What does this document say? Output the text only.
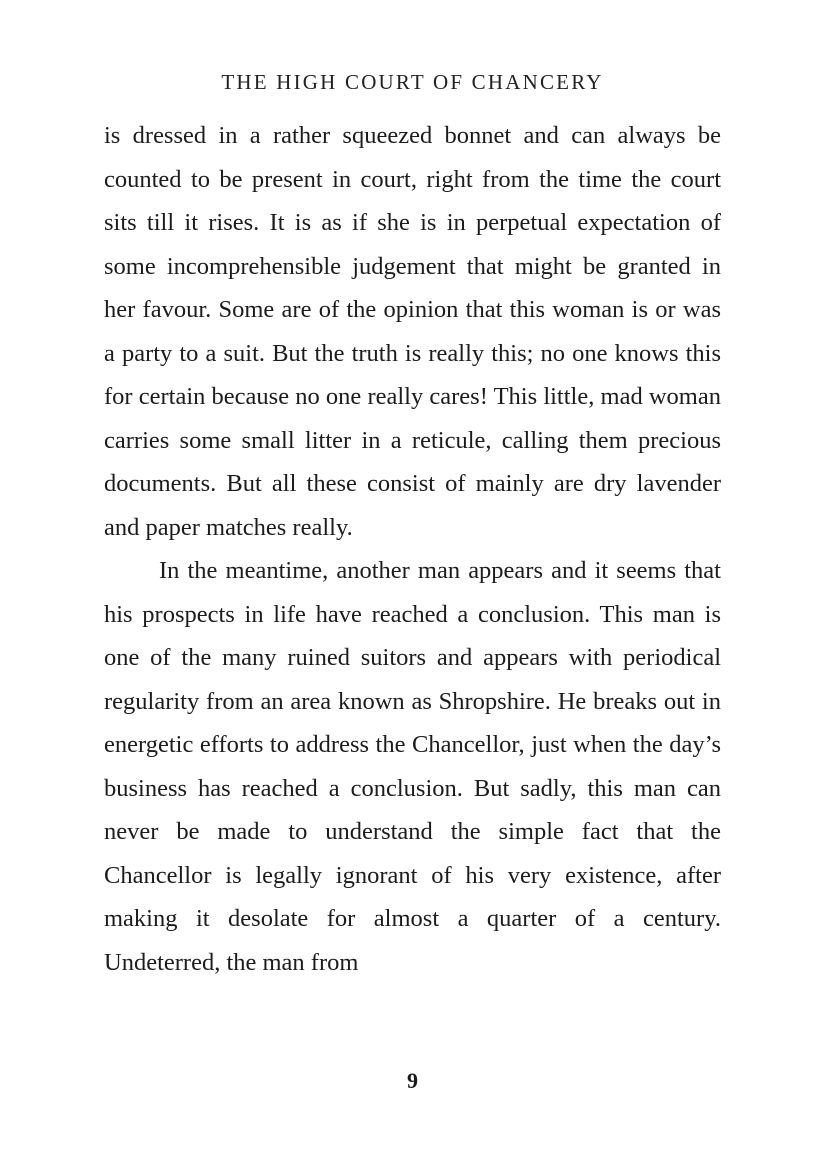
THE HIGH COURT OF CHANCERY

is dressed in a rather squeezed bonnet and can always be counted to be present in court, right from the time the court sits till it rises. It is as if she is in perpetual expectation of some incomprehensible judgement that might be granted in her favour. Some are of the opinion that this woman is or was a party to a suit. But the truth is really this; no one knows this for certain because no one really cares! This little, mad woman carries some small litter in a reticule, calling them precious documents. But all these consist of mainly are dry lavender and paper matches really.

In the meantime, another man appears and it seems that his prospects in life have reached a conclusion. This man is one of the many ruined suitors and appears with periodical regularity from an area known as Shropshire. He breaks out in energetic efforts to address the Chancellor, just when the day’s business has reached a conclusion. But sadly, this man can never be made to understand the simple fact that the Chancellor is legally ignorant of his very existence, after making it desolate for almost a quarter of a century. Undeterred, the man from

9
